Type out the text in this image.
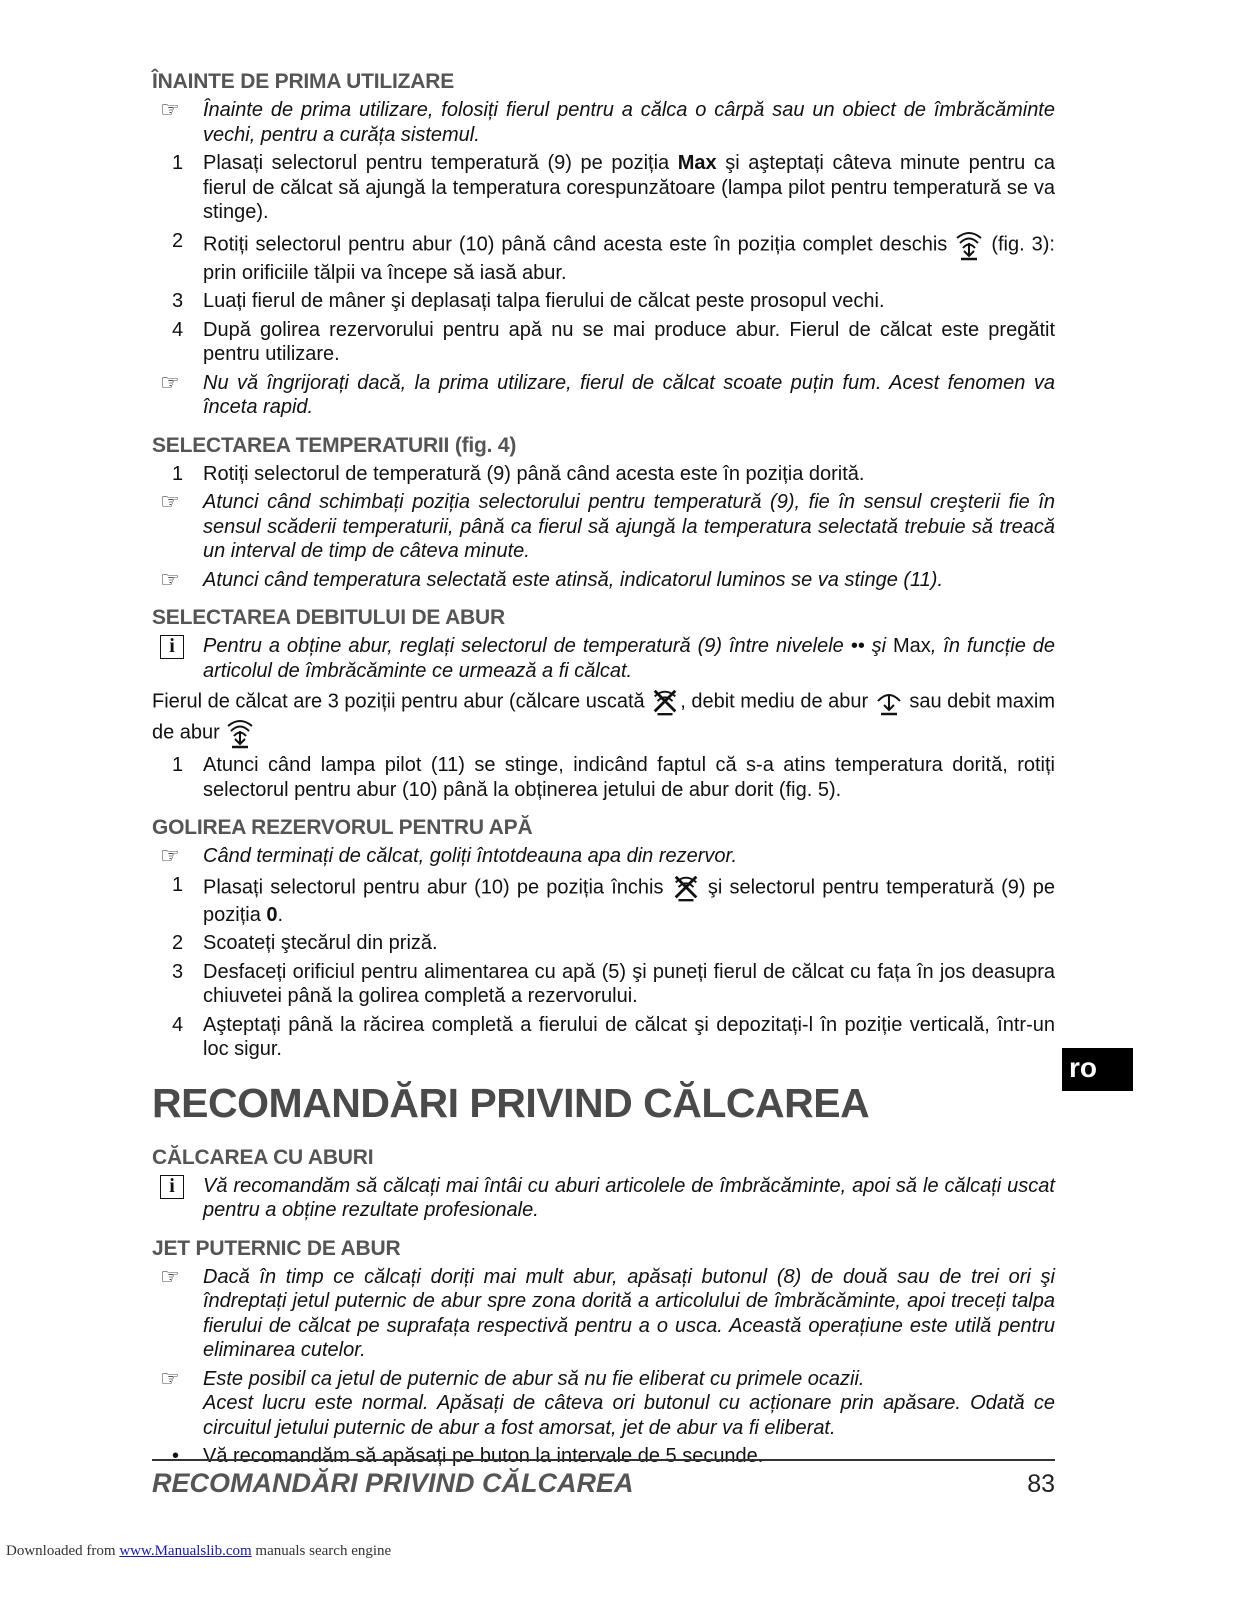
ÎNAINTE DE PRIMA UTILIZARE
☞	Înainte de prima utilizare, folosiți fierul pentru a călca o cârpă sau un obiect de îmbrăcăminte vechi, pentru a curăța sistemul.
1 Plasați selectorul pentru temperatură (9) pe poziția Max şi aşteptați câteva minute pentru ca fierul de călcat să ajungă la temperatura corespunzătoare (lampa pilot pentru temperatură se va stinge).
2 Rotiți selectorul pentru abur (10) până când acesta este în poziția complet deschis  (fig. 3): prin orificiile tălpii va începe să iasă abur.
3 Luați fierul de mâner şi deplasați talpa fierului de călcat peste prosopul vechi.
4 După golirea rezervorului pentru apă nu se mai produce abur. Fierul de călcat este pregătit pentru utilizare.
☞	Nu vă îngrijorați dacă, la prima utilizare, fierul de călcat scoate puțin fum. Acest fenomen va înceta rapid.
SELECTAREA TEMPERATURII (fig. 4)
1 Rotiți selectorul de temperatură (9) până când acesta este în poziția dorită.
☞	Atunci când schimbați poziția selectorului pentru temperatură (9), fie în sensul creşterii fie în sensul scăderii temperaturii, până ca fierul să ajungă la temperatura selectată trebuie să treacă un interval de timp de câteva minute.
☞	Atunci când temperatura selectată este atinsă, indicatorul luminos se va stinge (11).
SELECTAREA DEBITULUI DE ABUR
i	Pentru a obține abur, reglați selectorul de temperatură (9) între nivelele •• şi Max, în funcție de articolul de îmbrăcăminte ce urmează a fi călcat.
Fierul de călcat are 3 poziții pentru abur (călcare uscată , debit mediu de abur  sau debit maxim de abur
1 Atunci când lampa pilot (11) se stinge, indicând faptul că s-a atins temperatura dorită, rotiți selectorul pentru abur (10) până la obținerea jetului de abur dorit (fig. 5).
GOLIREA REZERVORUL PENTRU APĂ
☞	Când terminați de călcat, goliți întotdeauna apa din rezervor.
1 Plasați selectorul pentru abur (10) pe poziția închis  şi selectorul pentru temperatură (9) pe poziția 0.
2 Scoateți ştecărul din priză.
3 Desfaceți orificiul pentru alimentarea cu apă (5) şi puneți fierul de călcat cu fața în jos deasupra chiuvetei până la golirea completă a rezervorului.
4 Aşteptați până la răcirea completă a fierului de călcat şi depozitați-l în poziție verticală, într-un loc sigur.
RECOMANDĂRI PRIVIND CĂLCAREA
CĂLCAREA CU ABURI
i	Vă recomandăm să călcați mai întâi cu aburi articolele de îmbrăcăminte, apoi să le călcați uscat pentru a obține rezultate profesionale.
JET PUTERNIC DE ABUR
☞	Dacă în timp ce călcați doriți mai mult abur, apăsați butonul (8) de două sau de trei ori şi îndreptați jetul puternic de abur spre zona dorită a articolului de îmbrăcăminte, apoi treceți talpa fierului de călcat pe suprafața respectivă pentru a o usca. Această operațiune este utilă pentru eliminarea cutelor.
☞	Este posibil ca jetul de puternic de abur să nu fie eliberat cu primele ocazii.
Acest lucru este normal. Apăsați de câteva ori butonul cu acționare prin apăsare. Odată ce circuitul jetului puternic de abur a fost amorsat, jet de abur va fi eliberat.
• Vă recomandăm să apăsați pe buton la intervale de 5 secunde.
ro
RECOMANDĂRI PRIVIND CĂLCAREA	83
Downloaded from www.Manualslib.com manuals search engine
